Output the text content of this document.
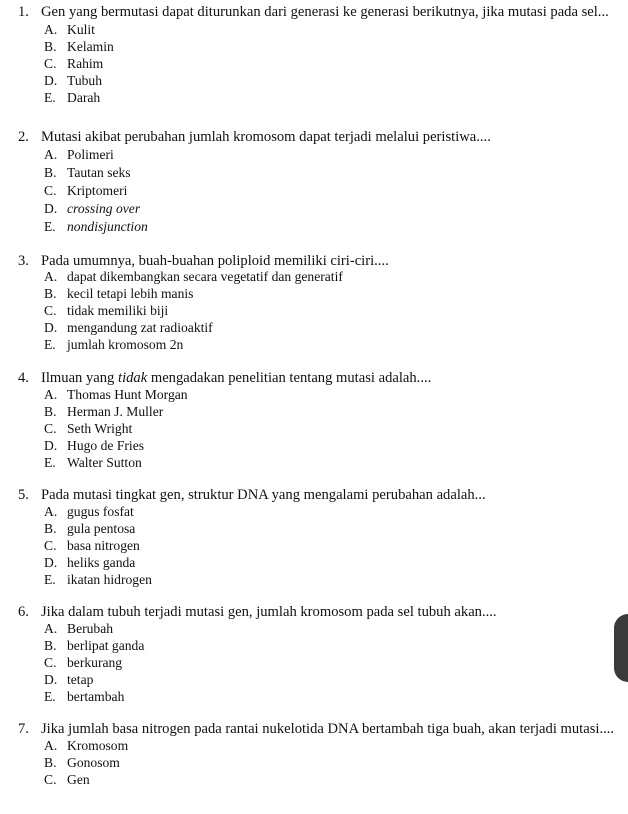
1. Gen yang bermutasi dapat diturunkan dari generasi ke generasi berikutnya, jika mutasi pada sel...
A. Kulit
B. Kelamin
C. Rahim
D. Tubuh
E. Darah
2. Mutasi akibat perubahan jumlah kromosom dapat terjadi melalui peristiwa....
A. Polimeri
B. Tautan seks
C. Kriptomeri
D. crossing over
E. nondisjunction
3. Pada umumnya, buah-buahan poliploid memiliki ciri-ciri....
A. dapat dikembangkan secara vegetatif dan generatif
B. kecil tetapi lebih manis
C. tidak memiliki biji
D. mengandung zat radioaktif
E. jumlah kromosom 2n
4. Ilmuan yang tidak mengadakan penelitian tentang mutasi adalah....
A. Thomas Hunt Morgan
B. Herman J. Muller
C. Seth Wright
D. Hugo de Fries
E. Walter Sutton
5. Pada mutasi tingkat gen, struktur DNA yang mengalami perubahan adalah...
A. gugus fosfat
B. gula pentosa
C. basa nitrogen
D. heliks ganda
E. ikatan hidrogen
6. Jika dalam tubuh terjadi mutasi gen, jumlah kromosom pada sel tubuh akan....
A. Berubah
B. berlipat ganda
C. berkurang
D. tetap
E. bertambah
7. Jika jumlah basa nitrogen pada rantai nukelotida DNA bertambah tiga buah, akan terjadi mutasi....
A. Kromosom
B. Gonosom
C. Gen
